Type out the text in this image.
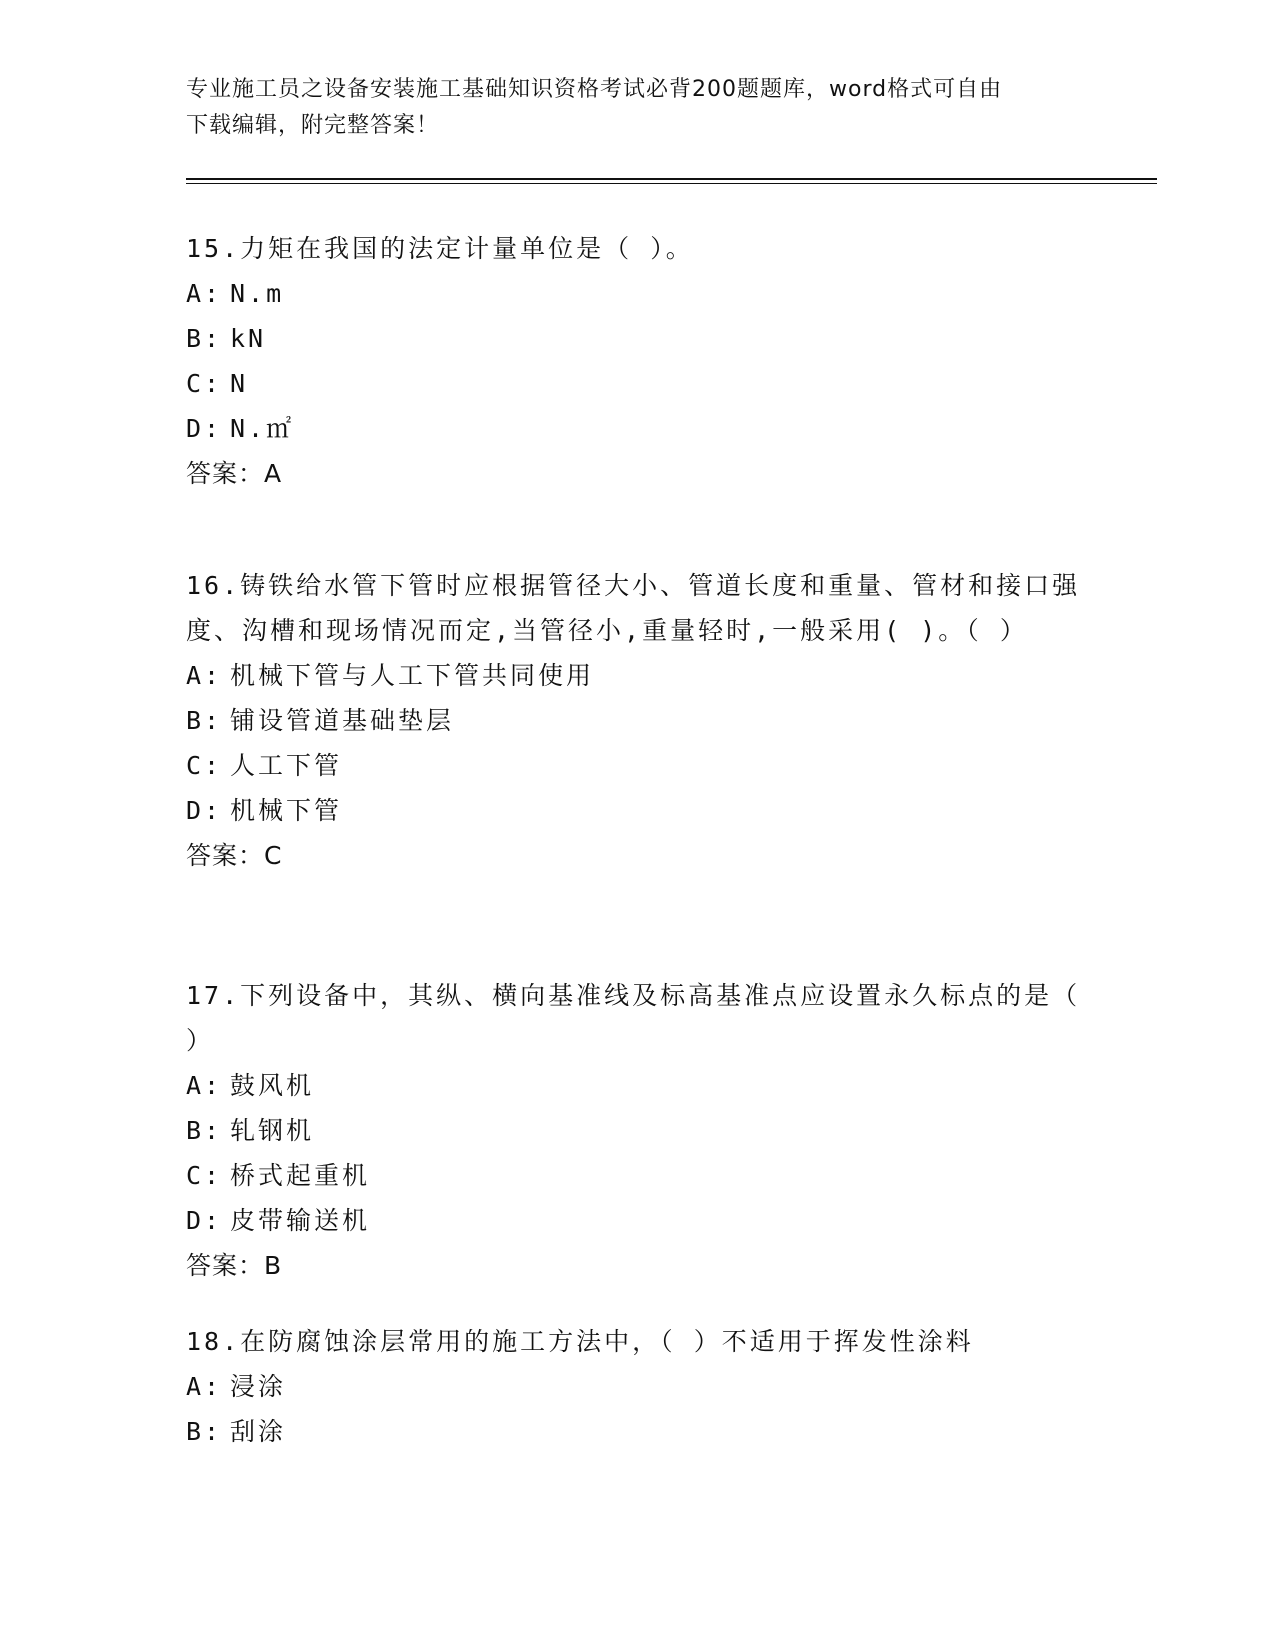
专业施工员之设备安装施工基础知识资格考试必背200题题库，word格式可自由
下载编辑，附完整答案！

15.力矩在我国的法定计量单位是（ ）。

A: N.m

B: kN

C: N

D: N.㎡

答案：A

16.铸铁给水管下管时应根据管径大小、管道长度和重量、管材和接口强度、沟槽和现场情况而定,当管径小,重量轻时,一般采用( )。（ ）

A: 机械下管与人工下管共同使用

B: 铺设管道基础垫层

C: 人工下管

D: 机械下管

答案：C

17.下列设备中，其纵、横向基准线及标高基准点应设置永久标点的是（ ）

A: 鼓风机

B: 轧钢机

C: 桥式起重机

D: 皮带输送机

答案：B

18.在防腐蚀涂层常用的施工方法中，（ ）不适用于挥发性涂料

A: 浸涂

B: 刮涂
